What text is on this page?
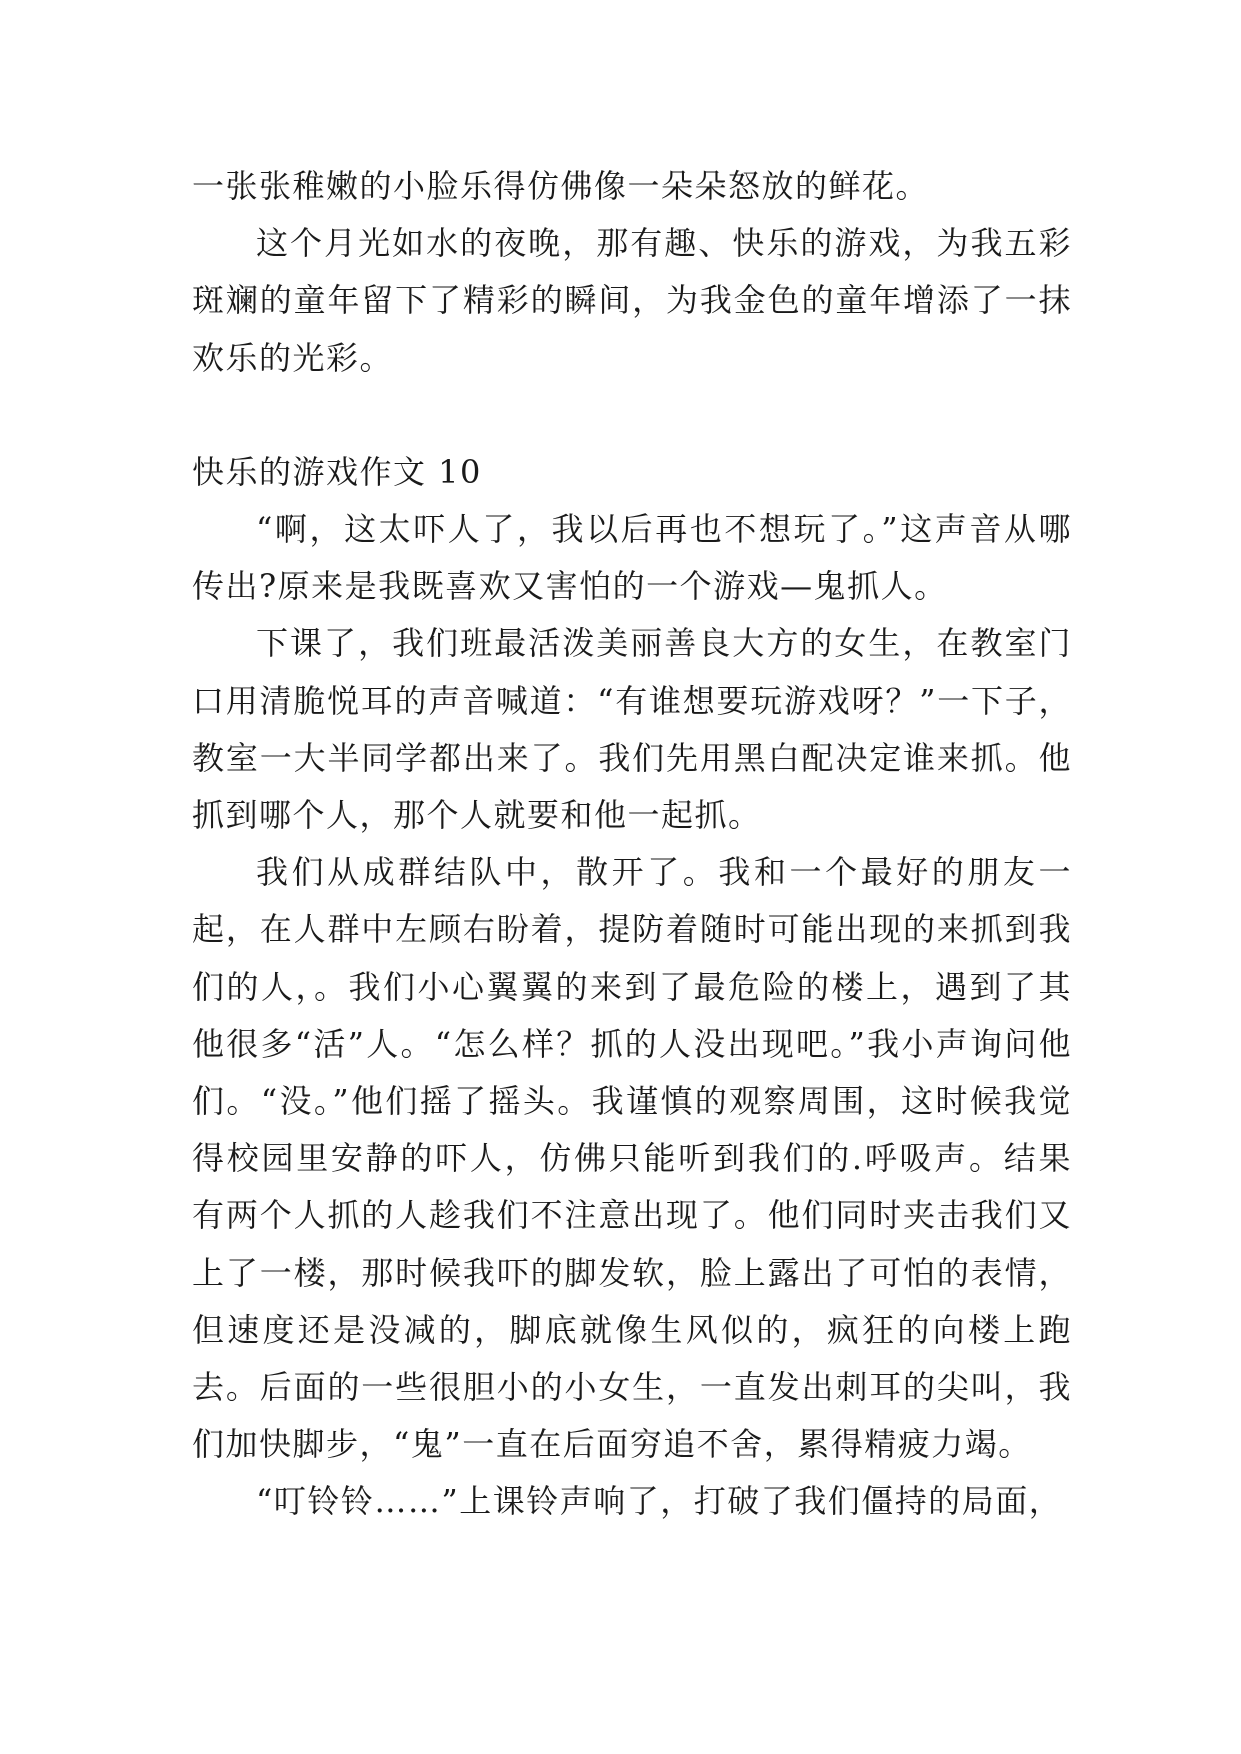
一张张稚嫩的小脸乐得仿佛像一朵朵怒放的鲜花。

这个月光如水的夜晚，那有趣、快乐的游戏，为我五彩斑斓的童年留下了精彩的瞬间，为我金色的童年增添了一抹欢乐的光彩。

快乐的游戏作文 10

“啊，这太吓人了，我以后再也不想玩了。”这声音从哪传出?原来是我既喜欢又害怕的一个游戏—鬼抓人。

下课了，我们班最活泼美丽善良大方的女生，在教室门口用清脆悦耳的声音喊道：“有谁想要玩游戏呀？”一下子，教室一大半同学都出来了。我们先用黑白配决定谁来抓。他抓到哪个人，那个人就要和他一起抓。

我们从成群结队中，散开了。我和一个最好的朋友一起，在人群中左顾右盼着，提防着随时可能出现的来抓到我们的人，。我们小心翼翼的来到了最危险的楼上，遇到了其他很多“活”人。“怎么样？抓的人没出现吧。”我小声询问他们。“没。”他们摇了摇头。我谨慎的观察周围，这时候我觉得校园里安静的吓人，仿佛只能听到我们的.呼吸声。结果有两个人抓的人趁我们不注意出现了。他们同时夹击我们又上了一楼，那时候我吓的脚发软，脸上露出了可怕的表情，但速度还是没减的，脚底就像生风似的，疯狂的向楼上跑去。后面的一些很胆小的小女生，一直发出刺耳的尖叫，我们加快脚步，“鬼”一直在后面穷追不舍，累得精疲力竭。

“叮铃铃……”上课铃声响了，打破了我们僵持的局面，
